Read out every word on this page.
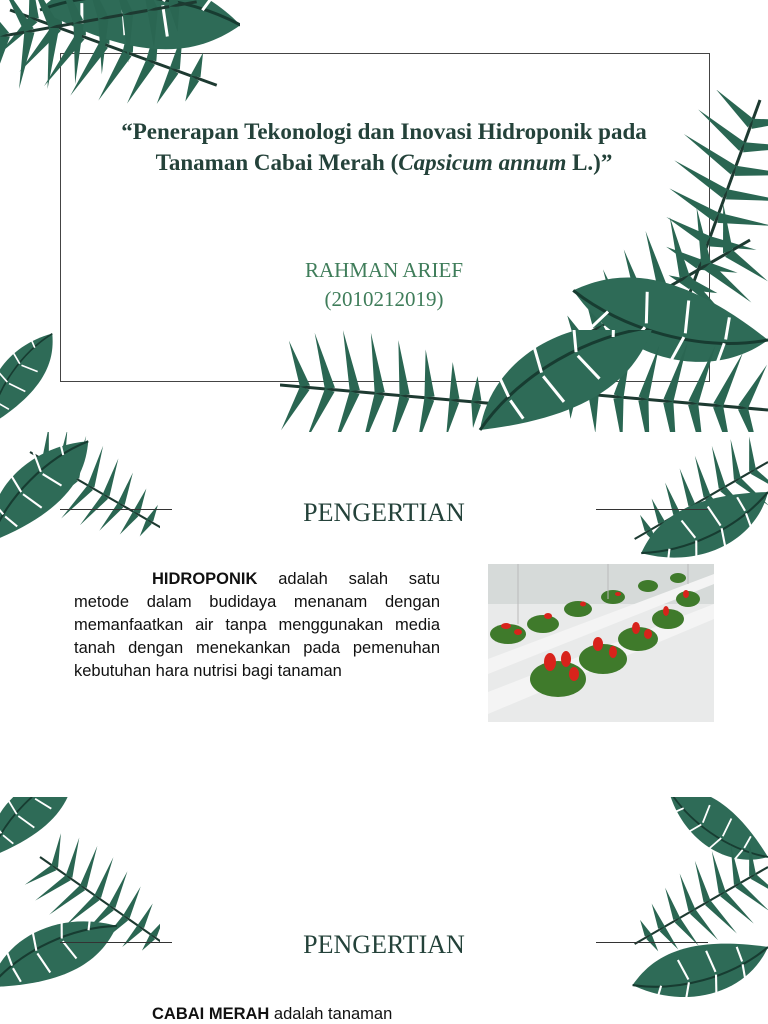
“Penerapan Tekonologi dan Inovasi Hidroponik pada Tanaman Cabai Merah (Capsicum annum L.)”
RAHMAN ARIEF
(2010212019)
PENGERTIAN
HIDROPONIK adalah salah satu metode dalam budidaya menanam dengan memanfaatkan air tanpa menggunakan media tanah dengan menekankan pada pemenuhan kebutuhan hara nutrisi bagi tanaman
PENGERTIAN
CABAI MERAH adalah tanaman
